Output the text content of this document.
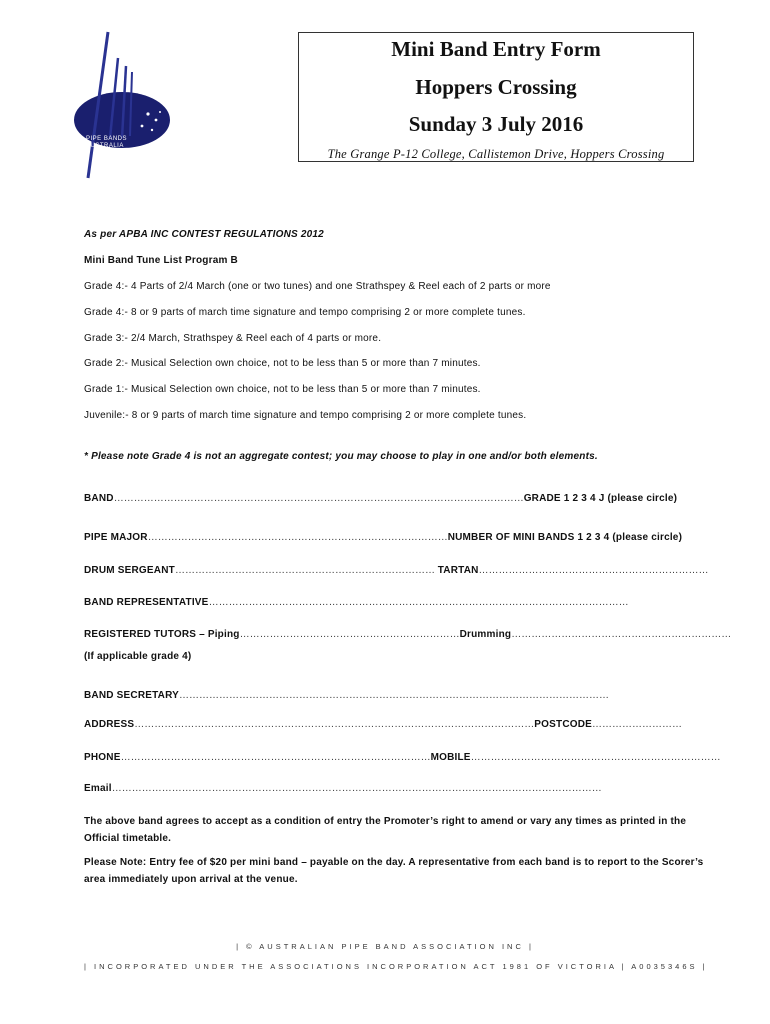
PIPE BANDS
AUSTRALIA
Mini Band Entry Form
Hoppers Crossing
Sunday 3 July 2016
The Grange P-12 College, Callistemon Drive, Hoppers Crossing
As per APBA INC CONTEST REGULATIONS 2012
Mini Band Tune List Program B
Grade 4:- 4 Parts of 2/4 March (one or two tunes) and one Strathspey & Reel each of 2 parts or more
Grade 4:- 8 or 9 parts of march time signature and tempo comprising 2 or more complete tunes.
Grade 3:- 2/4 March, Strathspey & Reel each of 4 parts or more.
Grade 2:- Musical Selection own choice, not to be less than 5 or more than 7 minutes.
Grade 1:- Musical Selection own choice, not to be less than 5 or more than 7 minutes.
Juvenile:- 8 or 9 parts of march time signature and tempo comprising 2 or more complete tunes.
* Please note Grade 4 is not an aggregate contest; you may choose to play in one and/or both elements.
BAND……………………………………………………………………………………………………………GRADE 1 2 3 4 J (please circle)
PIPE MAJOR………………………………………………………………………………NUMBER OF MINI BANDS 1 2 3 4 (please circle)
DRUM SERGEANT…………………………………………………………………… TARTAN……………………………………………………………
BAND REPRESENTATIVE………………………………………………………………………………………………………………
REGISTERED TUTORS – Piping…………………………………………………………Drumming…………………………………………………………
(If applicable grade 4)
BAND SECRETARY…………………………………………………………………………………………………………………
ADDRESS…………………………………………………………………………………………………………POSTCODE………………………
PHONE…………………………………………………………………………………MOBILE…………………………………………………………………
Email…………………………………………………………………………………………………………………………………
The above band agrees to accept as a condition of entry the Promoter’s right to amend or vary any times as printed in the Official timetable.
Please Note: Entry fee of $20 per mini band – payable on the day. A representative from each band is to report to the Scorer’s area immediately upon arrival at the venue.
| © AUSTRALIAN PIPE BAND ASSOCIATION INC |
| INCORPORATED UNDER THE ASSOCIATIONS INCORPORATION ACT 1981 OF VICTORIA | A0035346S |
